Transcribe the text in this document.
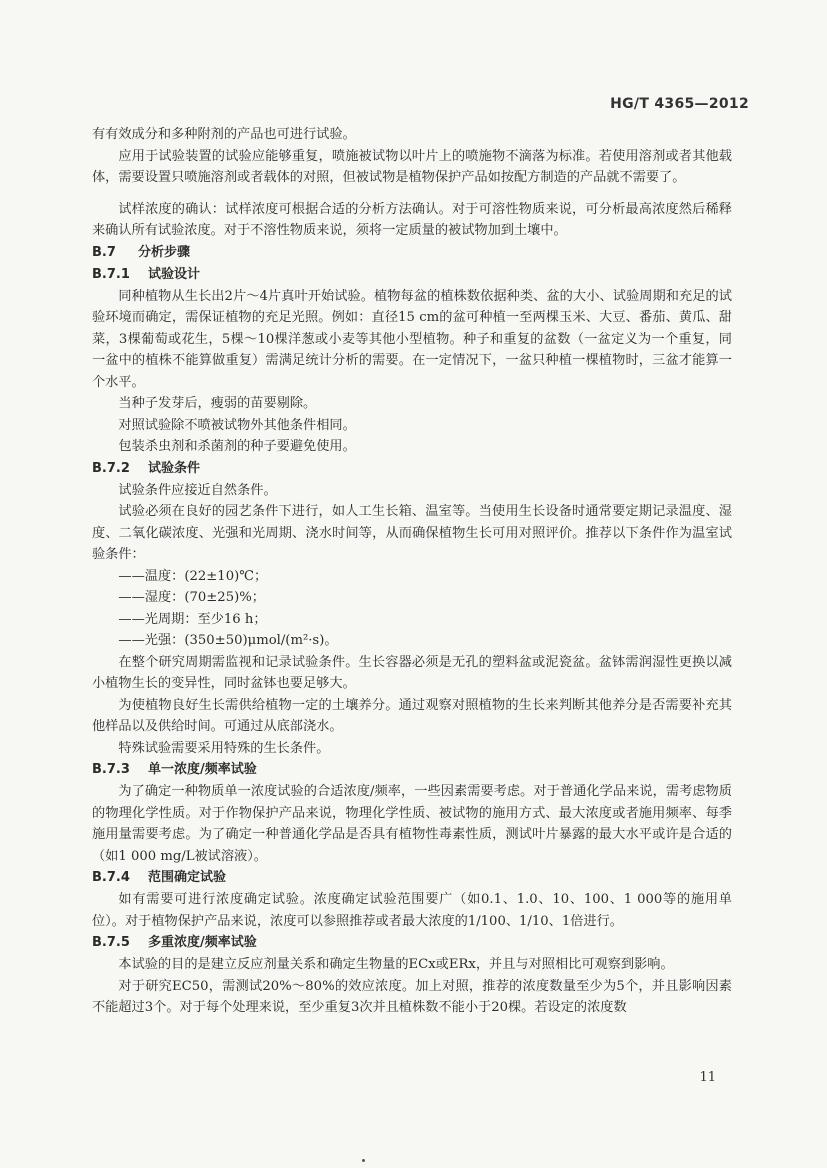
HG/T 4365—2012

有有效成分和多种附剂的产品也可进行试验。

应用于试验装置的试验应能够重复，喷施被试物以叶片上的喷施物不滴落为标准。若使用溶剂或者其他载体，需要设置只喷施溶剂或者载体的对照，但被试物是植物保护产品如按配方制造的产品就不需要了。

试样浓度的确认：试样浓度可根据合适的分析方法确认。对于可溶性物质来说，可分析最高浓度然后稀释来确认所有试验浓度。对于不溶性物质来说，须将一定质量的被试物加到土壤中。

B.7 分析步骤
B.7.1 试验设计

同种植物从生长出2片～4片真叶开始试验。植物每盆的植株数依据种类、盆的大小、试验周期和充足的试验环境而确定，需保证植物的充足光照。例如：直径15 cm的盆可种植一至两棵玉米、大豆、番茄、黄瓜、甜菜，3棵葡萄或花生，5棵～10棵洋葱或小麦等其他小型植物。种子和重复的盆数（一盆定义为一个重复，同一盆中的植株不能算做重复）需满足统计分析的需要。在一定情况下，一盆只种植一棵植物时，三盆才能算一个水平。

当种子发芽后，瘦弱的苗要剔除。

对照试验除不喷被试物外其他条件相同。

包装杀虫剂和杀菌剂的种子要避免使用。

B.7.2 试验条件

试验条件应接近自然条件。

试验必须在良好的园艺条件下进行，如人工生长箱、温室等。当使用生长设备时通常要定期记录温度、湿度、二氧化碳浓度、光强和光周期、浇水时间等，从而确保植物生长可用对照评价。推荐以下条件作为温室试验条件：

——温度：(22±10)℃；

——湿度：(70±25)%；

——光周期：至少16 h；

——光强：(350±50)μmol/(m²·s)。

在整个研究周期需监视和记录试验条件。生长容器必须是无孔的塑料盆或泥瓷盆。盆钵需润湿性更换以减小植物生长的变异性，同时盆钵也要足够大。

为使植物良好生长需供给植物一定的土壤养分。通过观察对照植物的生长来判断其他养分是否需要补充其他样品以及供给时间。可通过从底部浇水。

特殊试验需要采用特殊的生长条件。

B.7.3 单一浓度/频率试验

为了确定一种物质单一浓度试验的合适浓度/频率，一些因素需要考虑。对于普通化学品来说，需考虑物质的物理化学性质。对于作物保护产品来说，物理化学性质、被试物的施用方式、最大浓度或者施用频率、每季施用量需要考虑。为了确定一种普通化学品是否具有植物性毒素性质，测试叶片暴露的最大水平或许是合适的（如1 000 mg/L被试溶液）。

B.7.4 范围确定试验

如有需要可进行浓度确定试验。浓度确定试验范围要广（如0.1、1.0、10、100、1 000等的施用单位）。对于植物保护产品来说，浓度可以参照推荐或者最大浓度的1/100、1/10、1倍进行。

B.7.5 多重浓度/频率试验

本试验的目的是建立反应剂量关系和确定生物量的ECx或ERx，并且与对照相比可观察到影响。

对于研究EC50，需测试20%～80%的效应浓度。加上对照，推荐的浓度数量至少为5个，并且影响因素不能超过3个。对于每个处理来说，至少重复3次并且植株数不能小于20棵。若设定的浓度数

11
